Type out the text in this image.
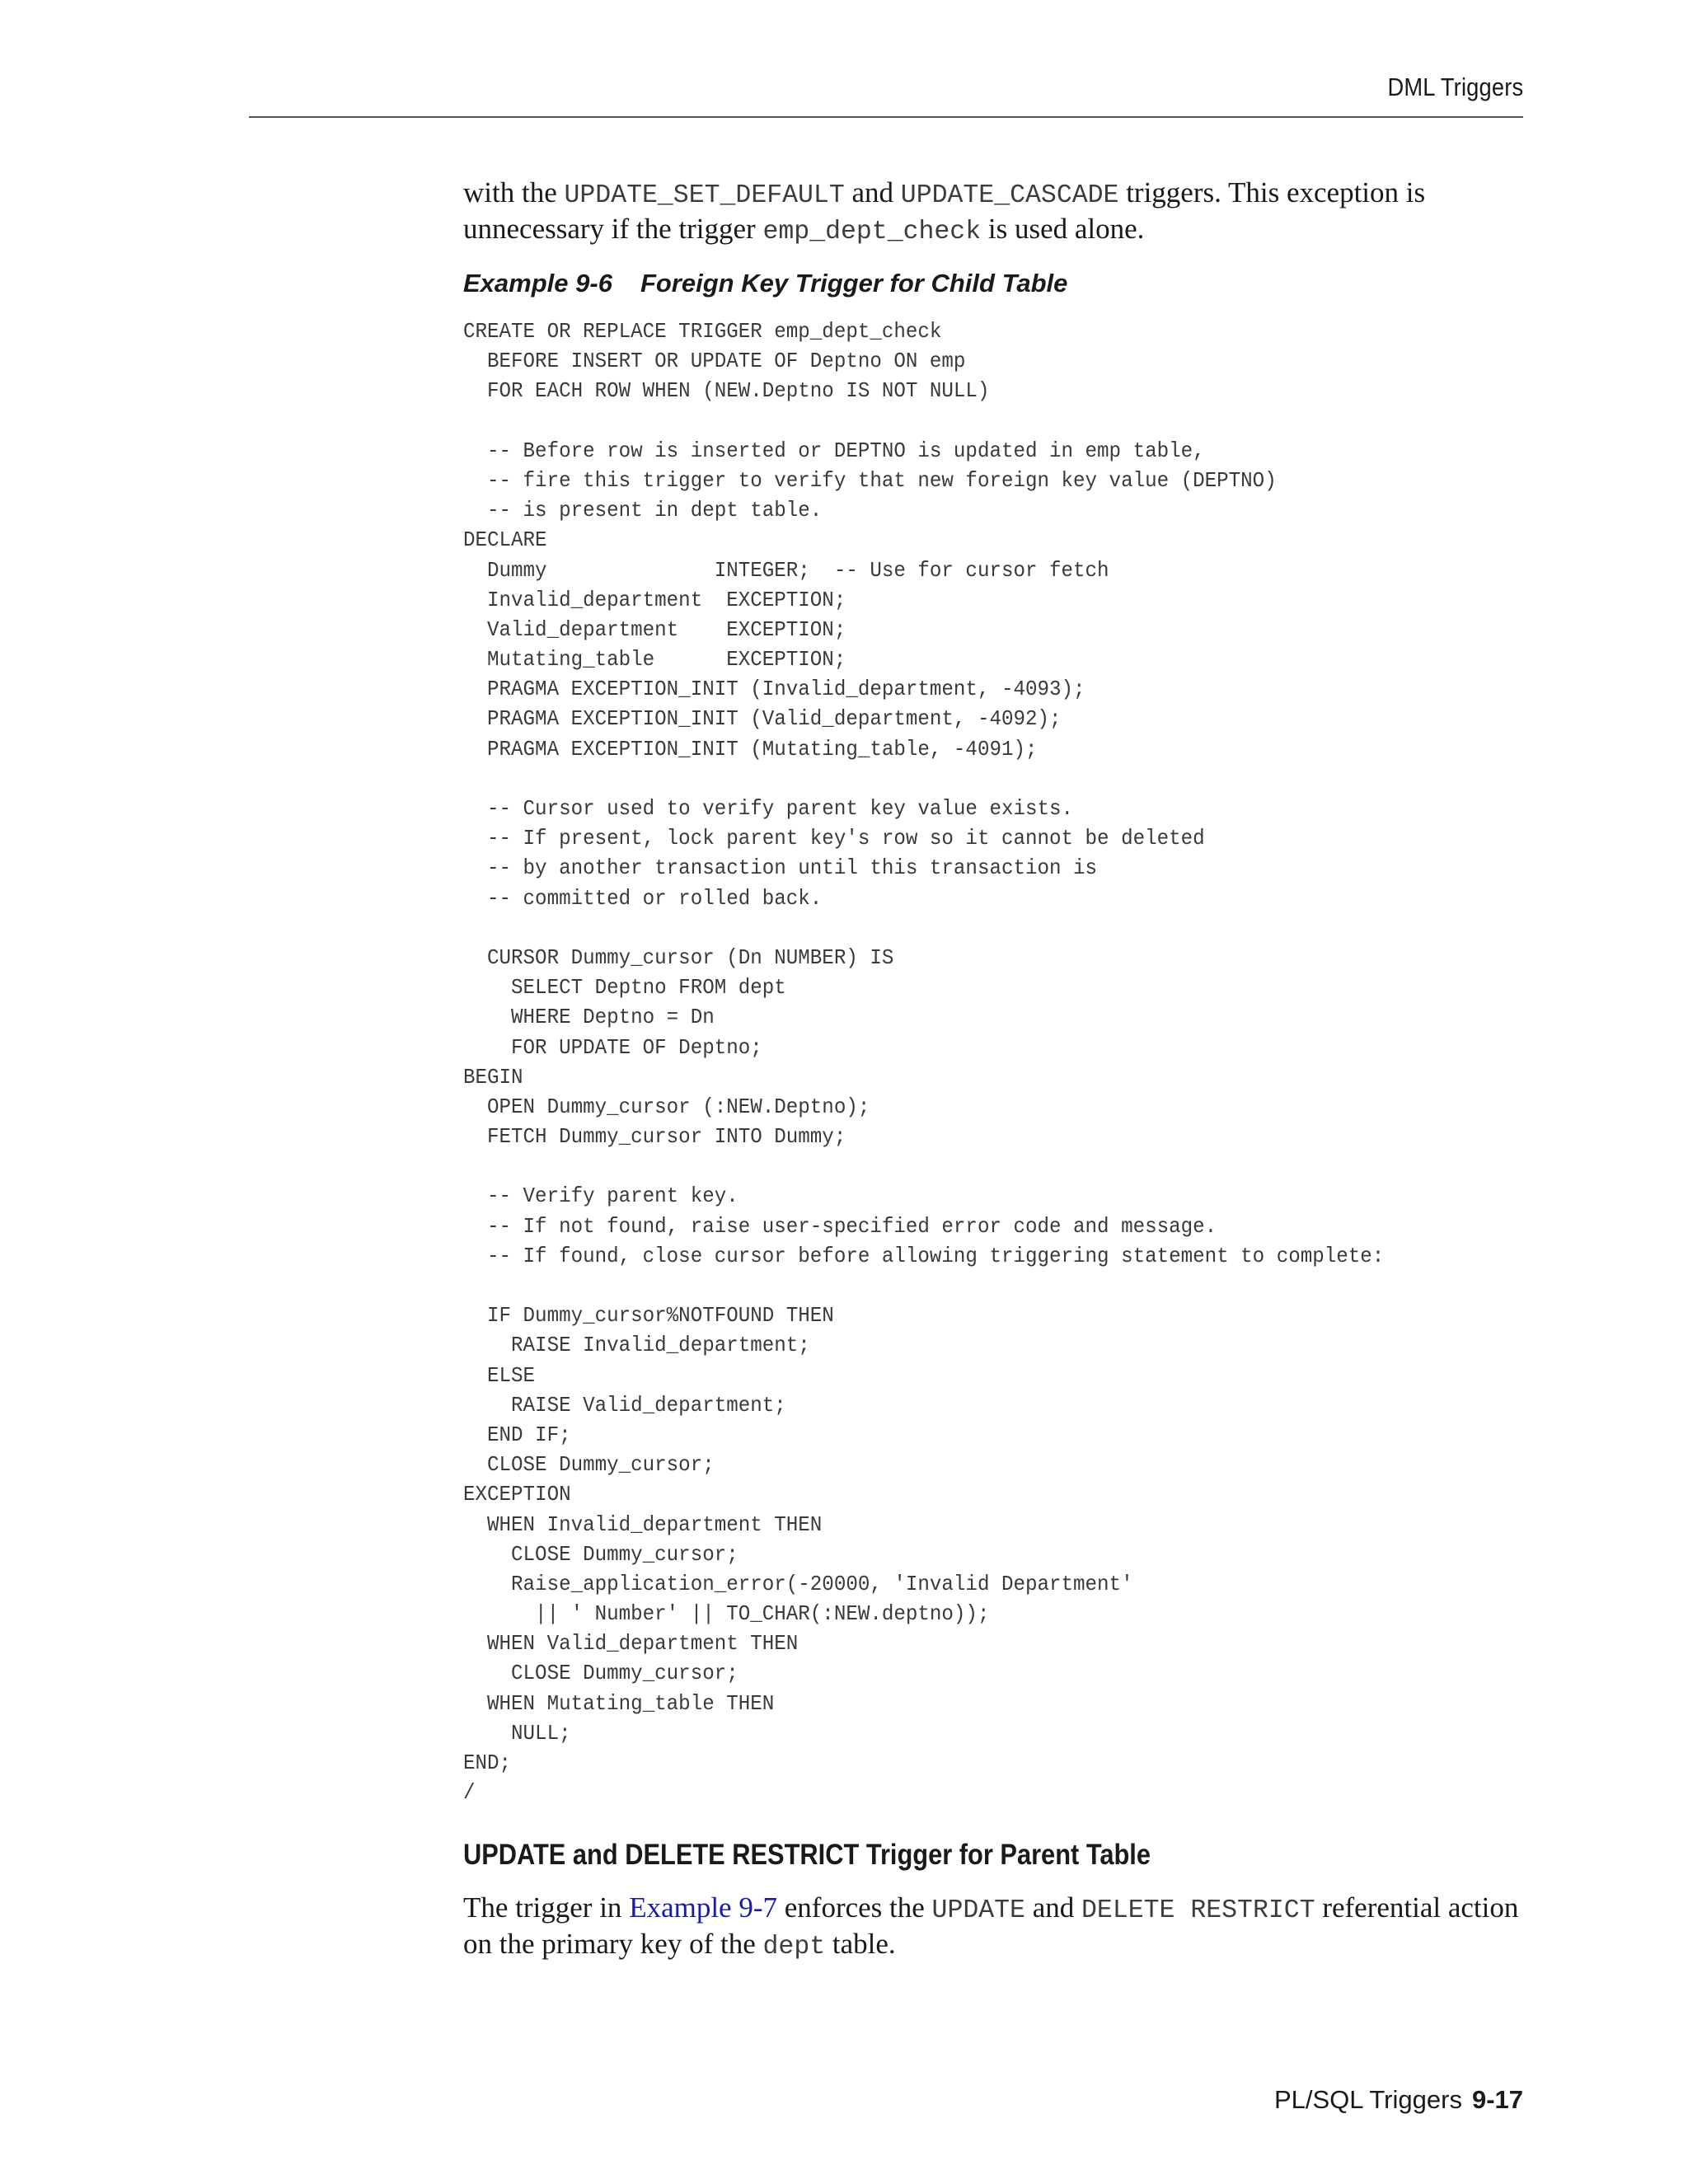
DML Triggers

with the UPDATE_SET_DEFAULT and UPDATE_CASCADE triggers. This exception is unnecessary if the trigger emp_dept_check is used alone.

Example 9-6 Foreign Key Trigger for Child Table
CREATE OR REPLACE TRIGGER emp_dept_check
BEFORE INSERT OR UPDATE OF Deptno ON emp
FOR EACH ROW WHEN (NEW.Deptno IS NOT NULL)
-- Before row is inserted or DEPTNO is updated in emp table,
-- fire this trigger to verify that new foreign key value (DEPTNO)
-- is present in dept table.
DECLARE
Dummy              INTEGER;  -- Use for cursor fetch
Invalid_department  EXCEPTION;
Valid_department    EXCEPTION;
Mutating_table      EXCEPTION;
PRAGMA EXCEPTION_INIT (Invalid_department, -4093);
PRAGMA EXCEPTION_INIT (Valid_department, -4092);
PRAGMA EXCEPTION_INIT (Mutating_table, -4091);
-- Cursor used to verify parent key value exists.
-- If present, lock parent key's row so it cannot be deleted
-- by another transaction until this transaction is
-- committed or rolled back.
CURSOR Dummy_cursor (Dn NUMBER) IS
SELECT Deptno FROM dept
WHERE Deptno = Dn
FOR UPDATE OF Deptno;
BEGIN
OPEN Dummy_cursor (:NEW.Deptno);
FETCH Dummy_cursor INTO Dummy;
-- Verify parent key.
-- If not found, raise user-specified error code and message.
-- If found, close cursor before allowing triggering statement to complete:
IF Dummy_cursor%NOTFOUND THEN
RAISE Invalid_department;
ELSE
RAISE Valid_department;
END IF;
CLOSE Dummy_cursor;
EXCEPTION
WHEN Invalid_department THEN
CLOSE Dummy_cursor;
Raise_application_error(-20000, 'Invalid Department'
|| ' Number' || TO_CHAR(:NEW.deptno));
WHEN Valid_department THEN
CLOSE Dummy_cursor;
WHEN Mutating_table THEN
NULL;
END;
/
UPDATE and DELETE RESTRICT Trigger for Parent Table

The trigger in Example 9-7 enforces the UPDATE and DELETE RESTRICT referential action on the primary key of the dept table.

PL/SQL Triggers 9-17
